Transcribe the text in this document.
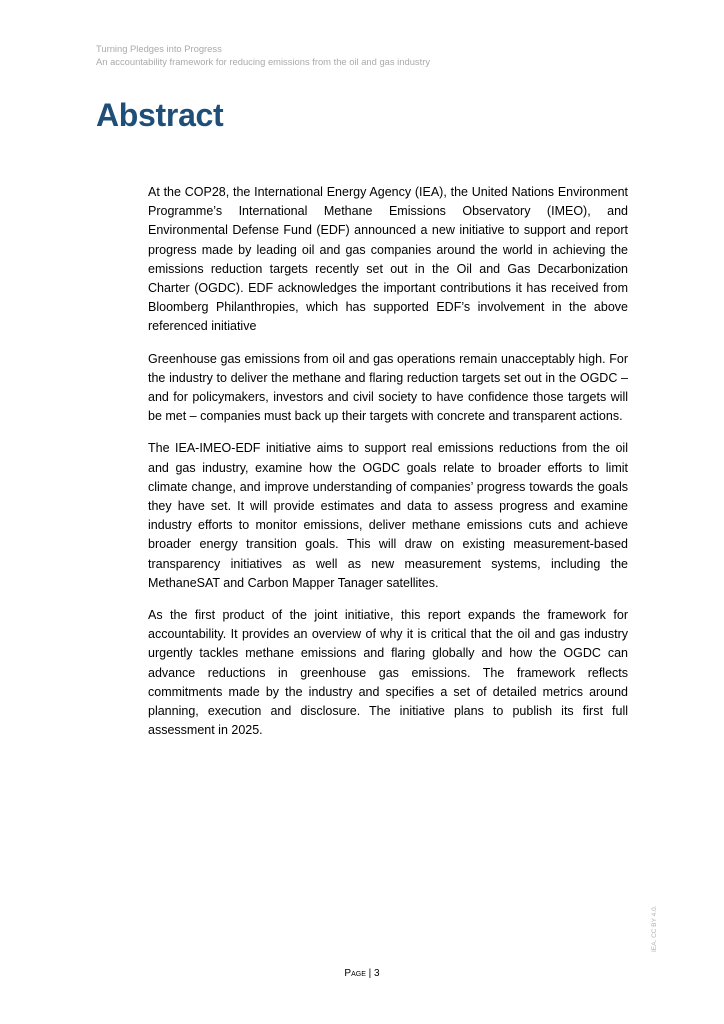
Turning Pledges into Progress
An accountability framework for reducing emissions from the oil and gas industry
Abstract

At the COP28, the International Energy Agency (IEA), the United Nations Environment Programme’s International Methane Emissions Observatory (IMEO), and Environmental Defense Fund (EDF) announced a new initiative to support and report progress made by leading oil and gas companies around the world in achieving the emissions reduction targets recently set out in the Oil and Gas Decarbonization Charter (OGDC). EDF acknowledges the important contributions it has received from Bloomberg Philanthropies, which has supported EDF’s involvement in the above referenced initiative

Greenhouse gas emissions from oil and gas operations remain unacceptably high. For the industry to deliver the methane and flaring reduction targets set out in the OGDC – and for policymakers, investors and civil society to have confidence those targets will be met – companies must back up their targets with concrete and transparent actions.

The IEA-IMEO-EDF initiative aims to support real emissions reductions from the oil and gas industry, examine how the OGDC goals relate to broader efforts to limit climate change, and improve understanding of companies’ progress towards the goals they have set. It will provide estimates and data to assess progress and examine industry efforts to monitor emissions, deliver methane emissions cuts and achieve broader energy transition goals. This will draw on existing measurement-based transparency initiatives as well as new measurement systems, including the MethaneSAT and Carbon Mapper Tanager satellites.

As the first product of the joint initiative, this report expands the framework for accountability. It provides an overview of why it is critical that the oil and gas industry urgently tackles methane emissions and flaring globally and how the OGDC can advance reductions in greenhouse gas emissions. The framework reflects commitments made by the industry and specifies a set of detailed metrics around planning, execution and disclosure. The initiative plans to publish its first full assessment in 2025.

Page | 3
IEA. CC BY 4.0.
